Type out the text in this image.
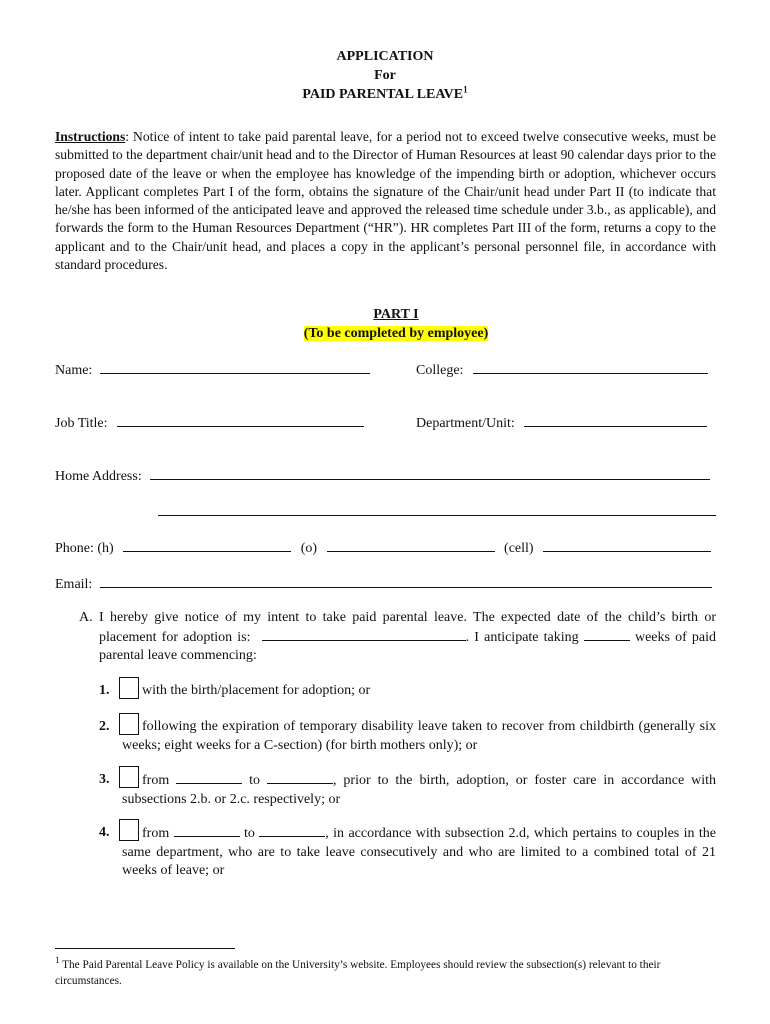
APPLICATION
For
PAID PARENTAL LEAVE$^1$
Instructions: Notice of intent to take paid parental leave, for a period not to exceed twelve consecutive weeks, must be submitted to the department chair/unit head and to the Director of Human Resources at least 90 calendar days prior to the proposed date of the leave or when the employee has knowledge of the impending birth or adoption, whichever occurs later. Applicant completes Part I of the form, obtains the signature of the Chair/unit head under Part II (to indicate that he/she has been informed of the anticipated leave and approved the released time schedule under 3.b., as applicable), and forwards the form to the Human Resources Department (“HR”). HR completes Part III of the form, returns a copy to the applicant and to the Chair/unit head, and places a copy in the applicant’s personal personnel file, in accordance with standard procedures.
PART I
(To be completed by employee)
Name:	College:
Job Title:	Department/Unit:
Home Address:
Phone: (h)	(o)	(cell)
Email:
A. I hereby give notice of my intent to take paid parental leave. The expected date of the child’s birth or placement for adoption is:	. I anticipate taking	weeks of paid parental leave commencing:
1.	with the birth/placement for adoption; or
2.	following the expiration of temporary disability leave taken to recover from childbirth (generally six weeks; eight weeks for a C-section) (for birth mothers only); or
3.	from	to	, prior to the birth, adoption, or foster care in accordance with subsections 2.b. or 2.c. respectively; or
4.	from	to	, in accordance with subsection 2.d, which pertains to couples in the same department, who are to take leave consecutively and who are limited to a combined total of 21 weeks of leave; or
$^1$ The Paid Parental Leave Policy is available on the University’s website. Employees should review the subsection(s) relevant to their circumstances.
